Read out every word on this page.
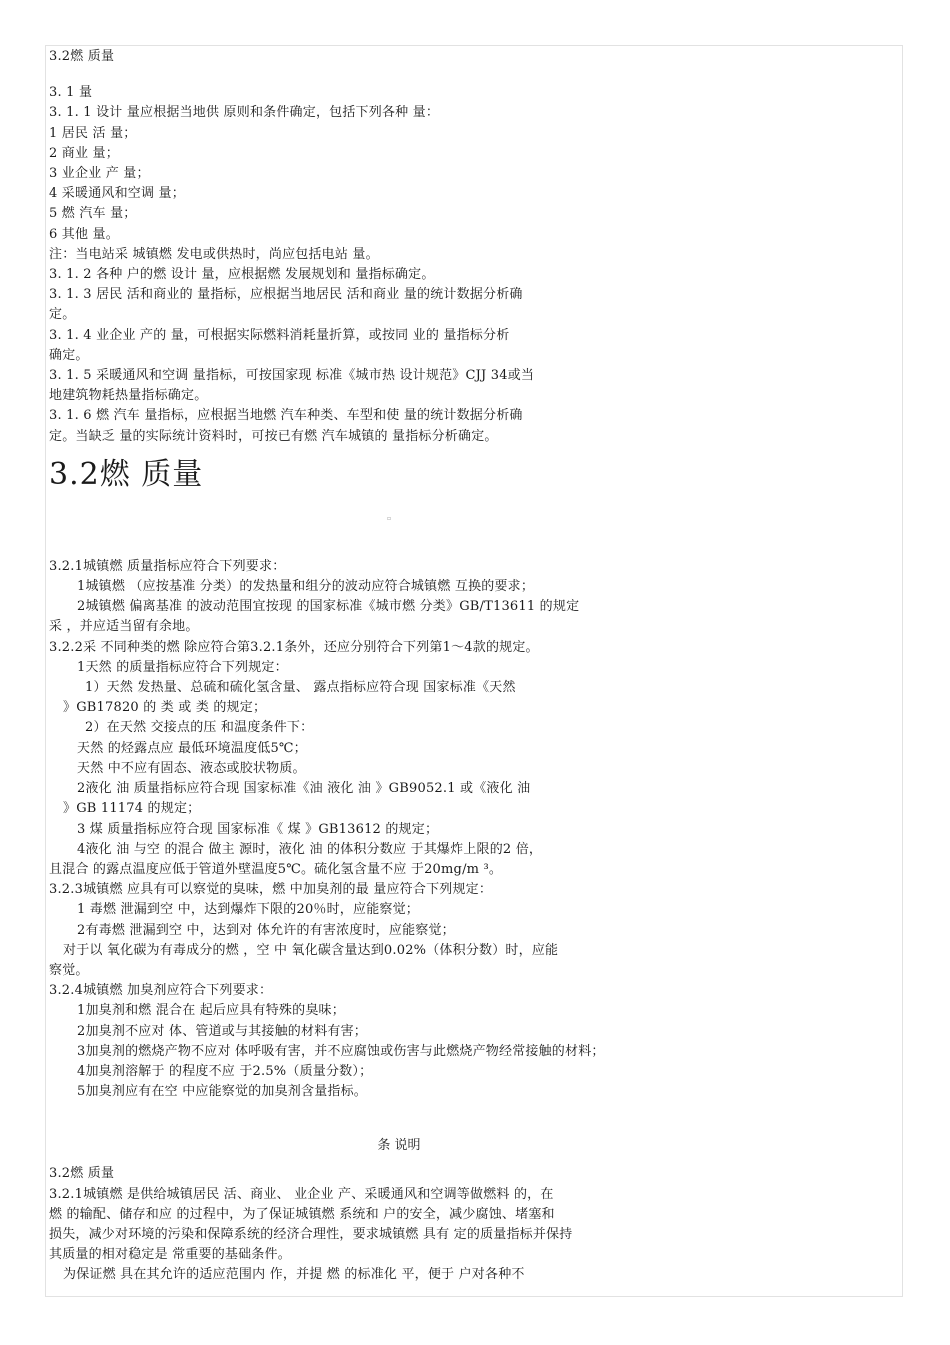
3.2燃 质量
3. 1 量
3. 1. 1 设计 量应根据当地供 原则和条件确定，包括下列各种 量：
1 居民 活 量；
2 商业 量；
3 业企业 产 量；
4 采暖通风和空调 量；
5 燃 汽车 量；
6 其他 量。
注：当电站采 城镇燃 发电或供热时，尚应包括电站 量。
3. 1. 2 各种 户的燃 设计 量，应根据燃 发展规划和 量指标确定。
3. 1. 3 居民 活和商业的 量指标，应根据当地居民 活和商业 量的统计数据分析确
定。
3. 1. 4 业企业 产的 量，可根据实际燃料消耗量折算，或按同 业的 量指标分析
确定。
3. 1. 5 采暖通风和空调 量指标，可按国家现 标准《城市热 设计规范》CJJ 34或当
地建筑物耗热量指标确定。
3. 1. 6 燃 汽车 量指标，应根据当地燃 汽车种类、车型和使 量的统计数据分析确
定。当缺乏 量的实际统计资料时，可按已有燃 汽车城镇的 量指标分析确定。
3.2燃 质量
▫
3.2.1城镇燃 质量指标应符合下列要求：
1城镇燃 （应按基准 分类）的发热量和组分的波动应符合城镇燃 互换的要求；
2城镇燃 偏离基准 的波动范围宜按现 的国家标准《城市燃 分类》GB/T13611 的规定
采 ，并应适当留有余地。
3.2.2采 不同种类的燃 除应符合第3.2.1条外，还应分别符合下列第1～4款的规定。
1天然 的质量指标应符合下列规定：
1）天然 发热量、总硫和硫化氢含量、 露点指标应符合现 国家标准《天然
》GB17820 的 类 或 类 的规定；
2）在天然 交接点的压 和温度条件下：
天然 的烃露点应 最低环境温度低5℃；
天然 中不应有固态、液态或胶状物质。
2液化 油 质量指标应符合现 国家标准《油 液化 油 》GB9052.1 或《液化 油
》GB 11174 的规定；
3 煤 质量指标应符合现 国家标准《 煤 》GB13612 的规定；
4液化 油 与空 的混合 做主 源时，液化 油 的体积分数应 于其爆炸上限的2 倍，
且混合 的露点温度应低于管道外壁温度5℃。硫化氢含量不应 于20mg/m ³。
3.2.3城镇燃 应具有可以察觉的臭味，燃 中加臭剂的最 量应符合下列规定：
1 毒燃 泄漏到空 中，达到爆炸下限的20％时，应能察觉；
2有毒燃 泄漏到空 中，达到对 体允许的有害浓度时，应能察觉；
对于以 氧化碳为有毒成分的燃 ，空 中 氧化碳含量达到0.02%（体积分数）时，应能
察觉。
3.2.4城镇燃 加臭剂应符合下列要求：
1加臭剂和燃 混合在 起后应具有特殊的臭味；
2加臭剂不应对 体、管道或与其接触的材料有害；
3加臭剂的燃烧产物不应对 体呼吸有害，并不应腐蚀或伤害与此燃烧产物经常接触的材料；
4加臭剂溶解于 的程度不应 于2.5%（质量分数）；
5加臭剂应有在空 中应能察觉的加臭剂含量指标。
条 说明
3.2燃 质量
3.2.1城镇燃 是供给城镇居民 活、商业、 业企业 产、采暖通风和空调等做燃料 的，在
燃 的输配、储存和应 的过程中，为了保证城镇燃 系统和 户的安全，减少腐蚀、堵塞和
损失，减少对环境的污染和保障系统的经济合理性，要求城镇燃 具有 定的质量指标并保持
其质量的相对稳定是 常重要的基础条件。
为保证燃 具在其允许的适应范围内 作，并提 燃 的标准化 平，便于 户对各种不
